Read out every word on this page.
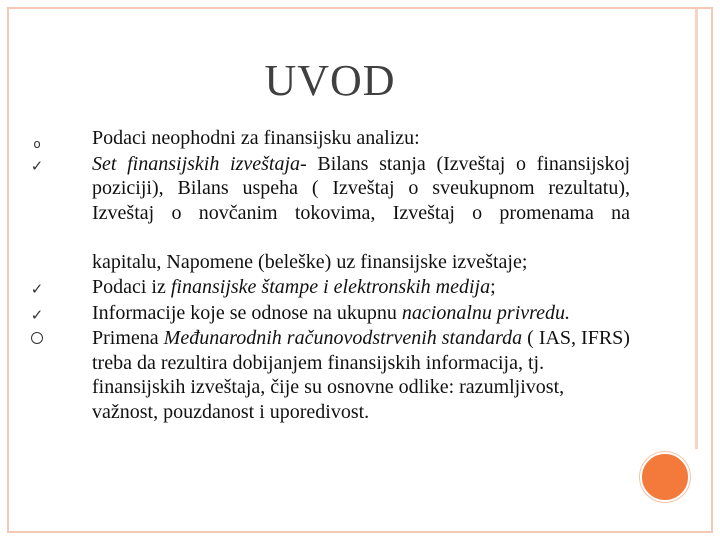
UVOD
o	Podaci neophodni za finansijsku analizu:
✓ Set finansijskih izveštaja- Bilans stanja (Izveštaj o finansijskoj poziciji), Bilans uspeha ( Izveštaj o sveukupnom rezultatu), Izveštaj o novčanim tokovima, Izveštaj o promenama na
kapitalu, Napomene (beleške) uz finansijske izveštaje;
✓ Podaci iz finansijske štampe i elektronskih medija;
✓ Informacije koje se odnose na ukupnu nacionalnu privredu.
Primena Međunarodnih računovodstrvenih standarda ( IAS, IFRS) treba da rezultira dobijanjem finansijskih informacija, tj. finansijskih izveštaja, čije su osnovne odlike: razumljivost, važnost, pouzdanost i uporedivost.
